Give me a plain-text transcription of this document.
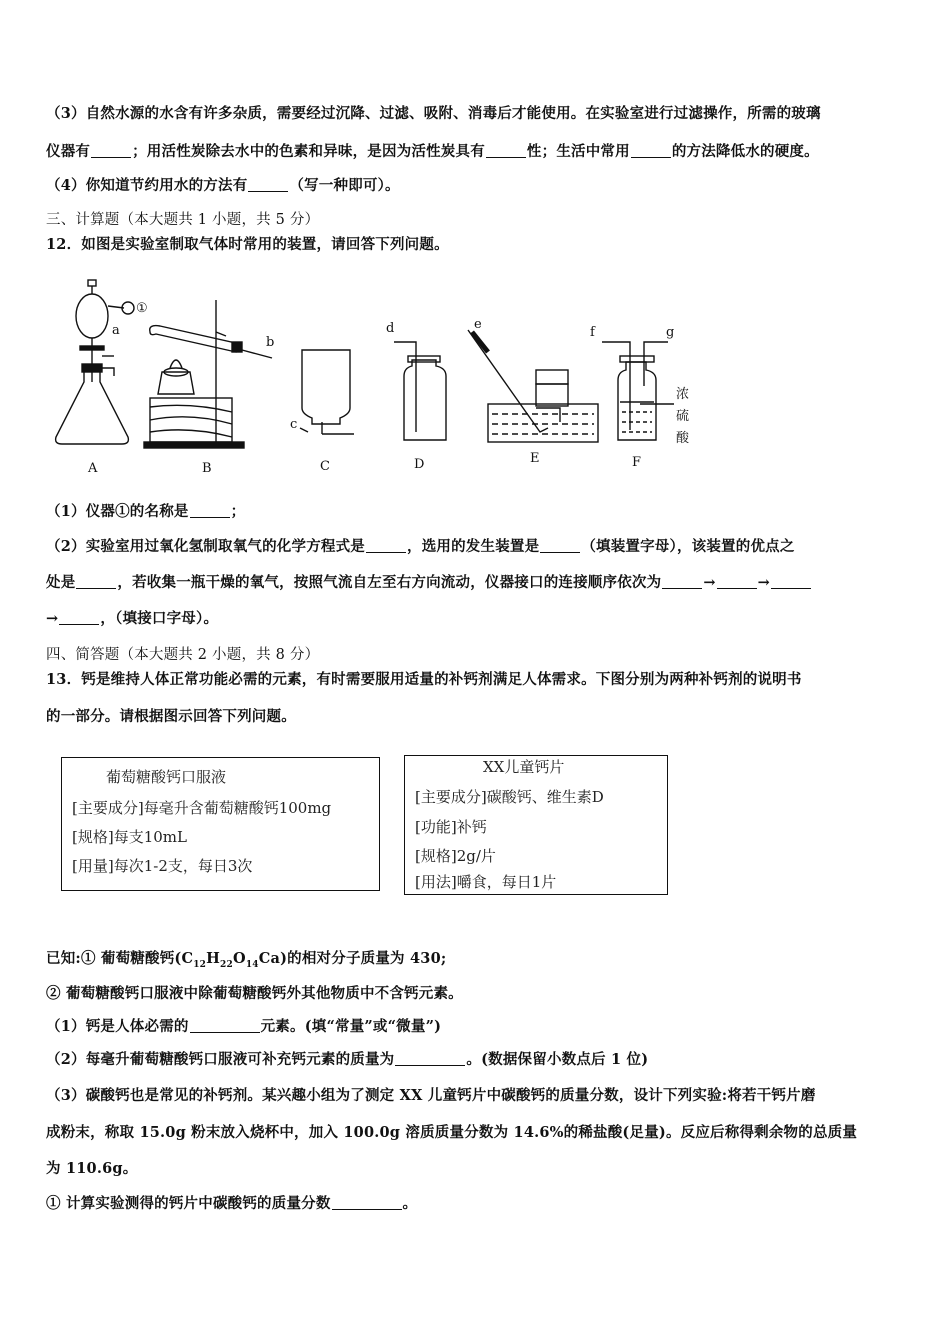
（3）自然水源的水含有许多杂质，需要经过沉降、过滤、吸附、消毒后才能使用。在实验室进行过滤操作，所需的玻璃
仪器有	；用活性炭除去水中的色素和异味，是因为活性炭具有	性；生活中常用	的方法降低水的硬度。
（4）你知道节约用水的方法有	（写一种即可）。
三、计算题（本大题共 1 小题，共 5 分）
12．如图是实验室制取气体时常用的装置，请回答下列问题。
A	B	C	D	E	F
①
a
b
c
d	e
f	g
浓
硫
酸
（1）仪器①的名称是	；
（2）实验室用过氧化氢制取氧气的化学方程式是	，选用的发生装置是	（填装置字母），该装置的优点之
处是	，若收集一瓶干燥的氧气，按照气流自左至右方向流动，仪器接口的连接顺序依次为	→	→
→	，（填接口字母）。
四、简答题（本大题共 2 小题，共 8 分）
13．钙是维持人体正常功能必需的元素，有时需要服用适量的补钙剂满足人体需求。下图分别为两种补钙剂的说明书
的一部分。请根据图示回答下列问题。
葡萄糖酸钙口服液
[主要成分]每毫升含葡萄糖酸钙100mg
[规格]每支10mL
[用量]每次1-2支，每日3次
XX儿童钙片
[主要成分]碳酸钙、维生素D
[功能]补钙
[规格]2g/片
[用法]嚼食，每日1片
已知:① 葡萄糖酸钙$(C_{12}H_{22}O_{14}Ca)$的相对分子质量为 430;
② 葡萄糖酸钙口服液中除葡萄糖酸钙外其他物质中不含钙元素。
（1）钙是人体必需的	元素。(填“常量”或“微量”)
（2）每毫升葡萄糖酸钙口服液可补充钙元素的质量为	。(数据保留小数点后 1 位)
（3）碳酸钙也是常见的补钙剂。某兴趣小组为了测定 XX 儿童钙片中碳酸钙的质量分数，设计下列实验:将若干钙片磨
成粉末，称取 15.0g 粉末放入烧杯中，加入 100.0g 溶质质量分数为 14.6%的稀盐酸(足量)。反应后称得剩余物的总质量
为 110.6g。
① 计算实验测得的钙片中碳酸钙的质量分数	。
